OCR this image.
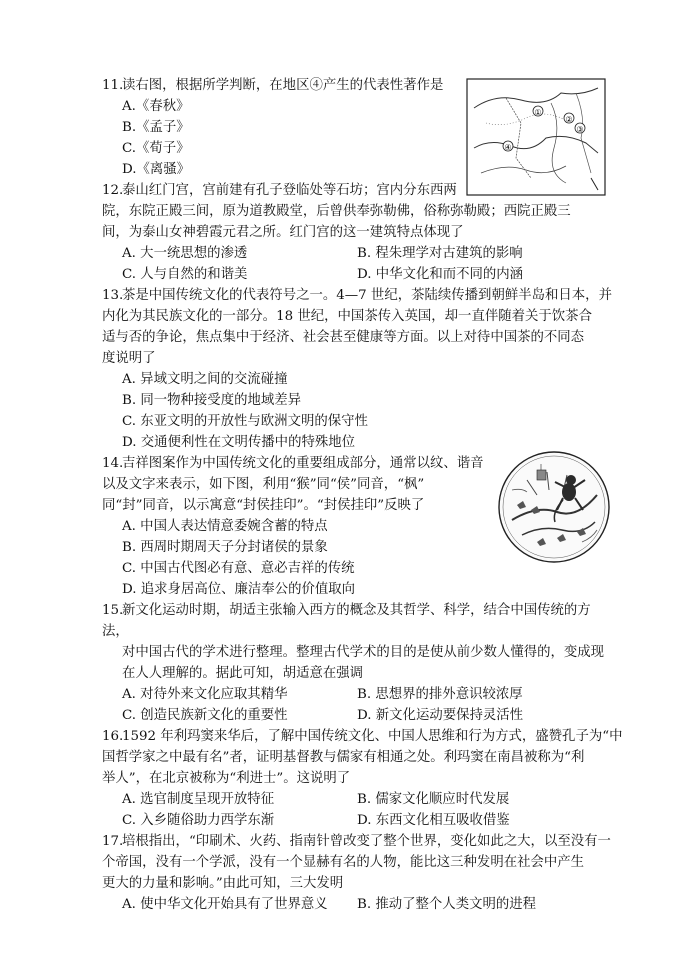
11.
读右图，根据所学判断，在地区④产生的代表性著作是
A.《春秋》
B.《孟子》
C.《荀子》
D.《离骚》
①
②
③
④
12.
泰山红门宫，宫前建有孔子登临处等石坊；宫内分东西两
院，东院正殿三间，原为道教殿堂，后曾供奉弥勒佛，俗称弥勒殿；西院正殿三
间，为泰山女神碧霞元君之所。红门宫的这一建筑特点体现了
A. 大一统思想的渗透	B. 程朱理学对古建筑的影响
C. 人与自然的和谐美	D. 中华文化和而不同的内涵
13.
茶是中国传统文化的代表符号之一。4—7 世纪，茶陆续传播到朝鲜半岛和日本，并
内化为其民族文化的一部分。18 世纪，中国茶传入英国，却一直伴随着关于饮茶合
适与否的争论，焦点集中于经济、社会甚至健康等方面。以上对待中国茶的不同态
度说明了
A. 异域文明之间的交流碰撞
B. 同一物种接受度的地域差异
C. 东亚文明的开放性与欧洲文明的保守性
D. 交通便利性在文明传播中的特殊地位
14.
吉祥图案作为中国传统文化的重要组成部分，通常以纹、谐音
以及文字来表示，如下图，利用“猴”同“侯”同音，“枫”
同“封”同音，以示寓意“封侯挂印”。“封侯挂印”反映了
A. 中国人表达情意委婉含蓄的特点
B. 西周时期周天子分封诸侯的景象
C. 中国古代图必有意、意必吉祥的传统
D. 追求身居高位、廉洁奉公的价值取向
15.
新文化运动时期，胡适主张输入西方的概念及其哲学、科学，结合中国传统的方
法，
对中国古代的学术进行整理。整理古代学术的目的是使从前少数人懂得的，变成现
在人人理解的。据此可知，胡适意在强调
A. 对待外来文化应取其精华	B. 思想界的排外意识较浓厚
C. 创造民族新文化的重要性	D. 新文化运动要保持灵活性
16.
1592 年利玛窦来华后，了解中国传统文化、中国人思维和行为方式，盛赞孔子为“中
国哲学家之中最有名”者，证明基督教与儒家有相通之处。利玛窦在南昌被称为“利
举人”，在北京被称为“利进士”。这说明了
A. 选官制度呈现开放特征	B. 儒家文化顺应时代发展
C. 入乡随俗助力西学东渐	D. 东西文化相互吸收借鉴
17.
培根指出，“印刷术、火药、指南针曾改变了整个世界，变化如此之大，以至没有一
个帝国，没有一个学派，没有一个显赫有名的人物，能比这三种发明在社会中产生
更大的力量和影响。”由此可知，三大发明
A. 使中华文化开始具有了世界意义 B. 推动了整个人类文明的进程
